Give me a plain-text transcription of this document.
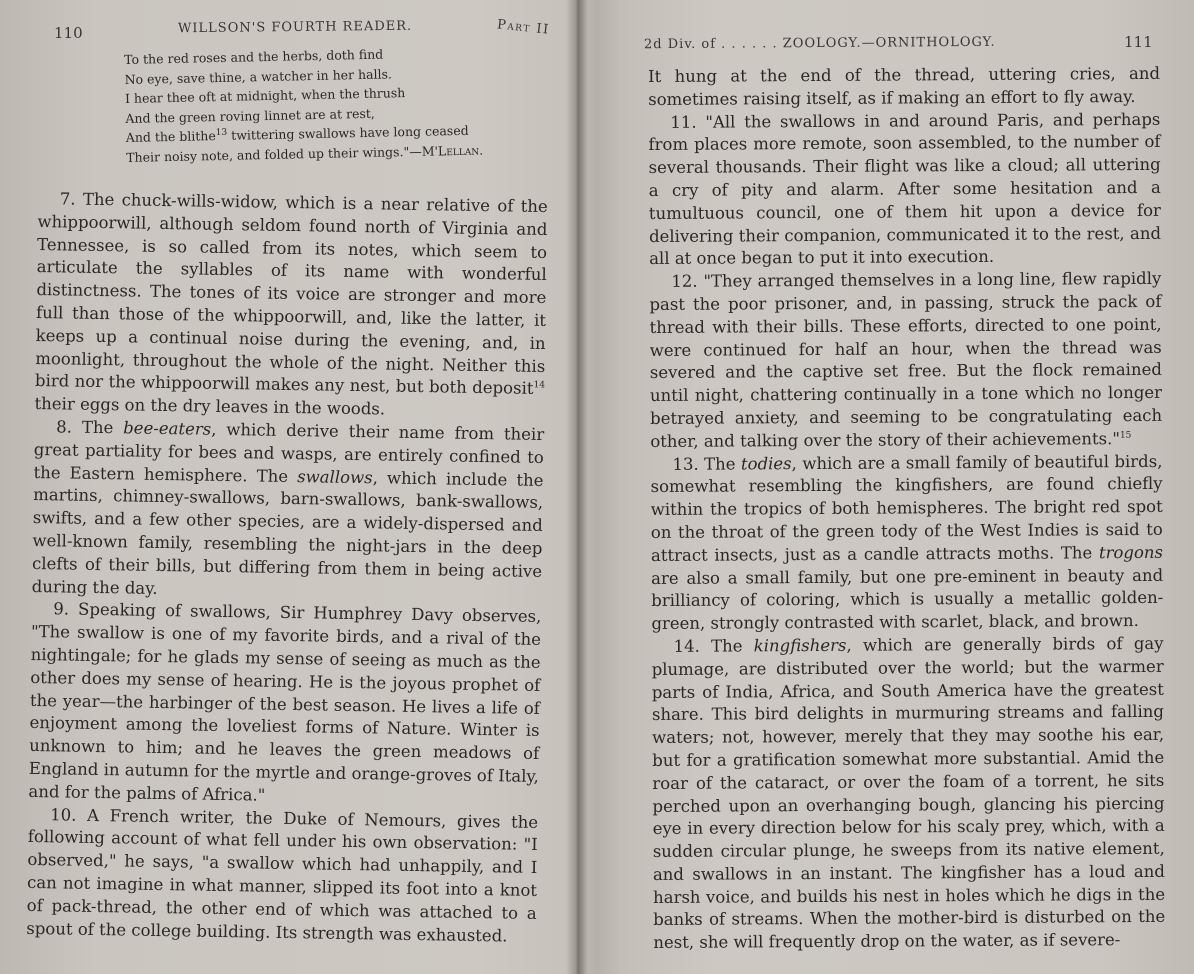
110	WILLSON'S FOURTH READER.	Part II
To the red roses and the herbs, doth find
No eye, save thine, a watcher in her halls.
I hear thee oft at midnight, when the thrush
And the green roving linnet are at rest,
And the blithe$^{13}$ twittering swallows have long ceased
Their noisy note, and folded up their wings."—M'Lellan.

7. The chuck-wills-widow, which is a near relative of the whippoorwill, although seldom found north of Virginia and Tennessee, is so called from its notes, which seem to articulate the syllables of its name with wonderful distinctness. The tones of its voice are stronger and more full than those of the whippoorwill, and, like the latter, it keeps up a continual noise during the evening, and, in moonlight, throughout the whole of the night. Neither this bird nor the whippoorwill makes any nest, but both deposit$^{14}$ their eggs on the dry leaves in the woods.

8. The bee-eaters, which derive their name from their great partiality for bees and wasps, are entirely confined to the Eastern hemisphere. The swallows, which include the martins, chimney-swallows, barn-swallows, bank-swallows, swifts, and a few other species, are a widely-dispersed and well-known family, resembling the night-jars in the deep clefts of their bills, but differing from them in being active during the day.

9. Speaking of swallows, Sir Humphrey Davy observes, "The swallow is one of my favorite birds, and a rival of the nightingale; for he glads my sense of seeing as much as the other does my sense of hearing. He is the joyous prophet of the year—the harbinger of the best season. He lives a life of enjoyment among the loveliest forms of Nature. Winter is unknown to him; and he leaves the green meadows of England in autumn for the myrtle and orange-groves of Italy, and for the palms of Africa."

10. A French writer, the Duke of Nemours, gives the following account of what fell under his own observation: "I observed," he says, "a swallow which had unhappily, and I can not imagine in what manner, slipped its foot into a knot of pack-thread, the other end of which was attached to a spout of the college building. Its strength was exhausted.

2d Div. of . . . . . . ZOOLOGY.—ORNITHOLOGY.	111

It hung at the end of the thread, uttering cries, and sometimes raising itself, as if making an effort to fly away.

11. "All the swallows in and around Paris, and perhaps from places more remote, soon assembled, to the number of several thousands. Their flight was like a cloud; all uttering a cry of pity and alarm. After some hesitation and a tumultuous council, one of them hit upon a device for delivering their companion, communicated it to the rest, and all at once began to put it into execution.

12. "They arranged themselves in a long line, flew rapidly past the poor prisoner, and, in passing, struck the pack of thread with their bills. These efforts, directed to one point, were continued for half an hour, when the thread was severed and the captive set free. But the flock remained until night, chattering continually in a tone which no longer betrayed anxiety, and seeming to be congratulating each other, and talking over the story of their achievements."$^{15}$

13. The todies, which are a small family of beautiful birds, somewhat resembling the kingfishers, are found chiefly within the tropics of both hemispheres. The bright red spot on the throat of the green tody of the West Indies is said to attract insects, just as a candle attracts moths. The trogons are also a small family, but one pre-eminent in beauty and brilliancy of coloring, which is usually a metallic golden-green, strongly contrasted with scarlet, black, and brown.

14. The kingfishers, which are generally birds of gay plumage, are distributed over the world; but the warmer parts of India, Africa, and South America have the greatest share. This bird delights in murmuring streams and falling waters; not, however, merely that they may soothe his ear, but for a gratification somewhat more substantial. Amid the roar of the cataract, or over the foam of a torrent, he sits perched upon an overhanging bough, glancing his piercing eye in every direction below for his scaly prey, which, with a sudden circular plunge, he sweeps from its native element, and swallows in an instant. The kingfisher has a loud and harsh voice, and builds his nest in holes which he digs in the banks of streams. When the mother-bird is disturbed on the nest, she will frequently drop on the water, as if severe-
